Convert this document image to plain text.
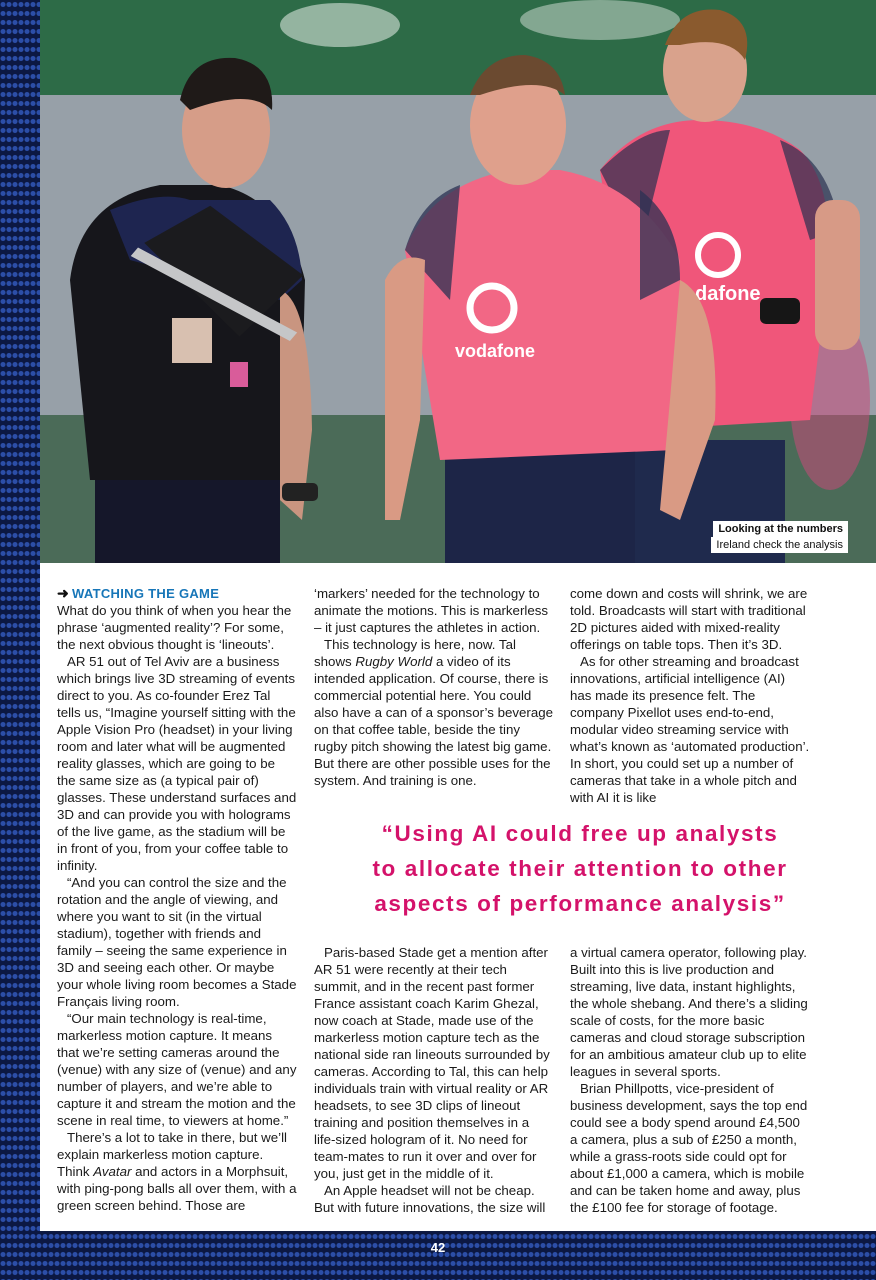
42
dafone
vodafone
Looking at the numbers
Ireland check the analysis
➜ WATCHING THE GAME

What do you think of when you hear the phrase ‘augmented reality’? For some, the next obvious thought is ‘lineouts’.

AR 51 out of Tel Aviv are a business which brings live 3D streaming of events direct to you. As co-founder Erez Tal tells us, “Imagine yourself sitting with the Apple Vision Pro (headset) in your living room and later what will be augmented reality glasses, which are going to be the same size as (a typical pair of) glasses. These understand surfaces and 3D and can provide you with holograms of the live game, as the stadium will be in front of you, from your coffee table to infinity.

“And you can control the size and the rotation and the angle of viewing, and where you want to sit (in the virtual stadium), together with friends and family – seeing the same experience in 3D and seeing each other. Or maybe your whole living room becomes a Stade Français living room.

“Our main technology is real-time, markerless motion capture. It means that we’re setting cameras around the (venue) with any size of (venue) and any number of players, and we’re able to capture it and stream the motion and the scene in real time, to viewers at home.”

There’s a lot to take in there, but we’ll explain markerless motion capture. Think Avatar and actors in a Morphsuit, with ping-pong balls all over them, with a green screen behind. Those are

‘markers’ needed for the technology to animate the motions. This is markerless – it just captures the athletes in action.

This technology is here, now. Tal shows Rugby World a video of its intended application. Of course, there is commercial potential here. You could also have a can of a sponsor’s beverage on that coffee table, beside the tiny rugby pitch showing the latest big game. But there are other possible uses for the system. And training is one.

come down and costs will shrink, we are told. Broadcasts will start with traditional 2D pictures aided with mixed-reality offerings on table tops. Then it’s 3D.

As for other streaming and broadcast innovations, artificial intelligence (AI) has made its presence felt. The company Pixellot uses end-to-end, modular video streaming service with what’s known as ‘automated production’. In short, you could set up a number of cameras that take in a whole pitch and with AI it is like

“Using AI could free up analysts
to allocate their attention to other
aspects of performance analysis”

Paris-based Stade get a mention after AR 51 were recently at their tech summit, and in the recent past former France assistant coach Karim Ghezal, now coach at Stade, made use of the markerless motion capture tech as the national side ran lineouts surrounded by cameras. According to Tal, this can help individuals train with virtual reality or AR headsets, to see 3D clips of lineout training and position themselves in a life-sized hologram of it. No need for team-mates to run it over and over for you, just get in the middle of it.

An Apple headset will not be cheap. But with future innovations, the size will

a virtual camera operator, following play. Built into this is live production and streaming, live data, instant highlights, the whole shebang. And there’s a sliding scale of costs, for the more basic cameras and cloud storage subscription for an ambitious amateur club up to elite leagues in several sports.

Brian Phillpotts, vice-president of business development, says the top end could see a body spend around £4,500 a camera, plus a sub of £250 a month, while a grass-roots side could opt for about £1,000 a camera, which is mobile and can be taken home and away, plus the £100 fee for storage of footage.
